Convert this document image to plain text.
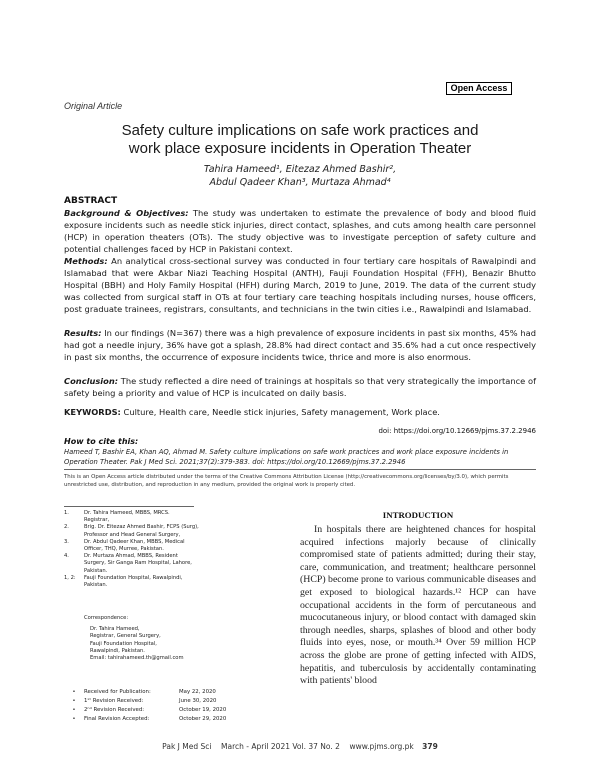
Open Access
Original Article
Safety culture implications on safe work practices and
work place exposure incidents in Operation Theater
Tahira Hameed¹, Eitezaz Ahmed Bashir²,
Abdul Qadeer Khan³, Murtaza Ahmad⁴
ABSTRACT
Background & Objectives: The study was undertaken to estimate the prevalence of body and blood fluid exposure incidents such as needle stick injuries, direct contact, splashes, and cuts among health care personnel (HCP) in operation theaters (OTs). The study objective was to investigate perception of safety culture and potential challenges faced by HCP in Pakistani context.
Methods: An analytical cross-sectional survey was conducted in four tertiary care hospitals of Rawalpindi and Islamabad that were Akbar Niazi Teaching Hospital (ANTH), Fauji Foundation Hospital (FFH), Benazir Bhutto Hospital (BBH) and Holy Family Hospital (HFH) during March, 2019 to June, 2019. The data of the current study was collected from surgical staff in OTs at four tertiary care teaching hospitals including nurses, house officers, post graduate trainees, registrars, consultants, and technicians in the twin cities i.e., Rawalpindi and Islamabad.
Results: In our findings (N=367) there was a high prevalence of exposure incidents in past six months, 45% had had got a needle injury, 36% have got a splash, 28.8% had direct contact and 35.6% had a cut once respectively in past six months, the occurrence of exposure incidents twice, thrice and more is also enormous.
Conclusion: The study reflected a dire need of trainings at hospitals so that very strategically the importance of safety being a priority and value of HCP is inculcated on daily basis.
KEYWORDS: Culture, Health care, Needle stick injuries, Safety management, Work place.
doi: https://doi.org/10.12669/pjms.37.2.2946
How to cite this:
Hameed T, Bashir EA, Khan AQ, Ahmad M. Safety culture implications on safe work practices and work place exposure incidents in Operation Theater. Pak J Med Sci. 2021;37(2):379-383. doi: https://doi.org/10.12669/pjms.37.2.2946
This is an Open Access article distributed under the terms of the Creative Commons Attribution License (http://creativecommons.org/licenses/by/3.0), which permits unrestricted use, distribution, and reproduction in any medium, provided the original work is properly cited.
1.	Dr. Tahira Hameed, MBBS, MRCS. Registrar,
2.	Brig. Dr. Eitezaz Ahmed Bashir, FCPS (Surg), Professor and Head General Surgery,
3.	Dr. Abdul Qadeer Khan, MBBS, Medical Officer, THQ, Murree, Pakistan.
4.	Dr. Murtaza Ahmad, MBBS, Resident Surgery, Sir Ganga Ram Hospital, Lahore, Pakistan.
1, 2:	Fauji Foundation Hospital, Rawalpindi, Pakistan.
Correspondence:
Dr. Tahira Hameed,
Registrar, General Surgery,
Fauji Foundation Hospital,
Rawalpindi, Pakistan.
Email: tahirahameed.th@gmail.com
•	Received for Publication:	May 22, 2020
•	1ˢᵗ Revision Received:	June 30, 2020
•	2ⁿᵈ Revision Received:	October 19, 2020
•	Final Revision Accepted:	October 29, 2020
INTRODUCTION
In hospitals there are heightened chances for hospital acquired infections majorly because of clinically compromised state of patients admitted; during their stay, care, communication, and treatment; healthcare personnel (HCP) become prone to various communicable diseases and get exposed to biological hazards.¹² HCP can have occupational accidents in the form of percutaneous and mucocutaneous injury, or blood contact with damaged skin through needles, sharps, splashes of blood and other body fluids into eyes, nose, or mouth.³⁴ Over 59 million HCP across the globe are prone of getting infected with AIDS, hepatitis, and tuberculosis by accidentally contaminating with patients' blood
Pak J Med Sci March - April 2021 Vol. 37 No. 2 www.pjms.org.pk 379
